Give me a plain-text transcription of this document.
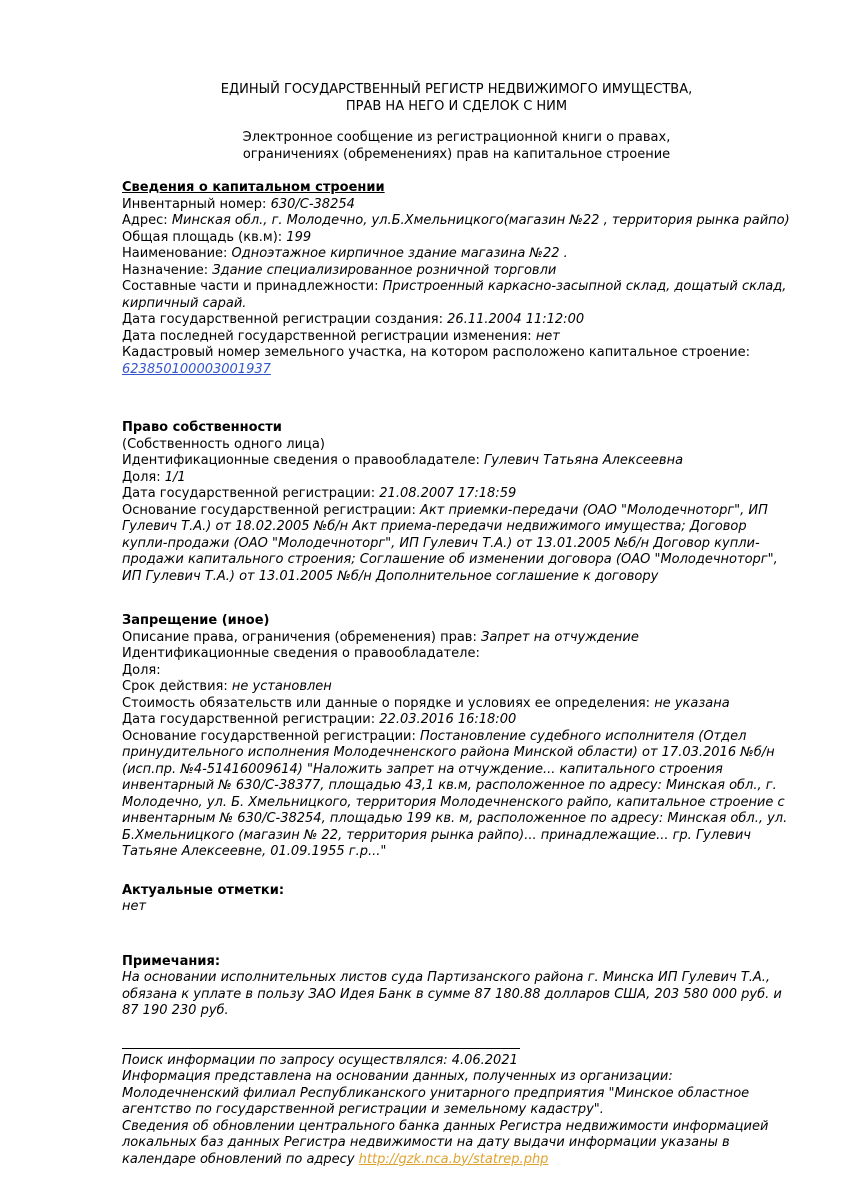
ЕДИНЫЙ ГОСУДАРСТВЕННЫЙ РЕГИСТР НЕДВИЖИМОГО ИМУЩЕСТВА,
ПРАВ НА НЕГО И СДЕЛОК С НИМ
Электронное сообщение из регистрационной книги о правах,
ограничениях (обременениях) прав на капитальное строение
Сведения о капитальном строении
Инвентарный номер: 630/С-38254
Адрес: Минская обл., г. Молодечно, ул.Б.Хмельницкого(магазин №22 , территория рынка райпо)
Общая площадь (кв.м): 199
Наименование: Одноэтажное кирпичное здание магазина №22 .
Назначение: Здание специализированное розничной торговли
Составные части и принадлежности: Пристроенный каркасно-засыпной склад, дощатый склад, кирпичный сарай.
Дата государственной регистрации создания: 26.11.2004 11:12:00
Дата последней государственной регистрации изменения: нет
Кадастровый номер земельного участка, на котором расположено капитальное строение:
623850100003001937
Право собственности
(Собственность одного лица)
Идентификационные сведения о правообладателе: Гулевич Татьяна Алексеевна
Доля: 1/1
Дата государственной регистрации: 21.08.2007 17:18:59
Основание государственной регистрации: Акт приемки-передачи (ОАО "Молодечноторг", ИП Гулевич Т.А.) от 18.02.2005 №б/н Акт приема-передачи недвижимого имущества; Договор купли-продажи (ОАО "Молодечноторг", ИП Гулевич Т.А.) от 13.01.2005 №б/н Договор купли-продажи капитального строения; Соглашение об изменении договора (ОАО "Молодечноторг", ИП Гулевич Т.А.) от 13.01.2005 №б/н Дополнительное соглашение к договору
Запрещение (иное)
Описание права, ограничения (обременения) прав: Запрет на отчуждение
Идентификационные сведения о правообладателе:
Доля:
Срок действия: не установлен
Стоимость обязательств или данные о порядке и условиях ее определения: не указана
Дата государственной регистрации: 22.03.2016 16:18:00
Основание государственной регистрации: Постановление судебного исполнителя (Отдел принудительного исполнения Молодечненского района Минской области) от 17.03.2016 №б/н (исп.пр. №4-51416009614) "Наложить запрет на отчуждение... капитального строения инвентарный № 630/С-38377, площадью 43,1 кв.м, расположенное по адресу: Минская обл., г. Молодечно, ул. Б. Хмельницкого, территория Молодечненского райпо, капитальное строение с инвентарным № 630/С-38254, площадью 199 кв. м, расположенное по адресу: Минская обл., ул. Б.Хмельницкого (магазин № 22, территория рынка райпо)... принадлежащие... гр. Гулевич Татьяне Алексеевне, 01.09.1955 г.р..."
Актуальные отметки:
нет
Примечания:
На основании исполнительных листов суда Партизанского района г. Минска ИП Гулевич Т.А., обязана к уплате в пользу ЗАО Идея Банк в сумме 87 180.88 долларов США, 203 580 000 руб. и 87 190 230 руб.
Поиск информации по запросу осуществлялся: 4.06.2021
Информация представлена на основании данных, полученных из организации: Молодечненский филиал Республиканского унитарного предприятия "Минское областное агентство по государственной регистрации и земельному кадастру".
Сведения об обновлении центрального банка данных Регистра недвижимости информацией локальных баз данных Регистра недвижимости на дату выдачи информации указаны в календаре обновлений по адресу http://gzk.nca.by/statrep.php
